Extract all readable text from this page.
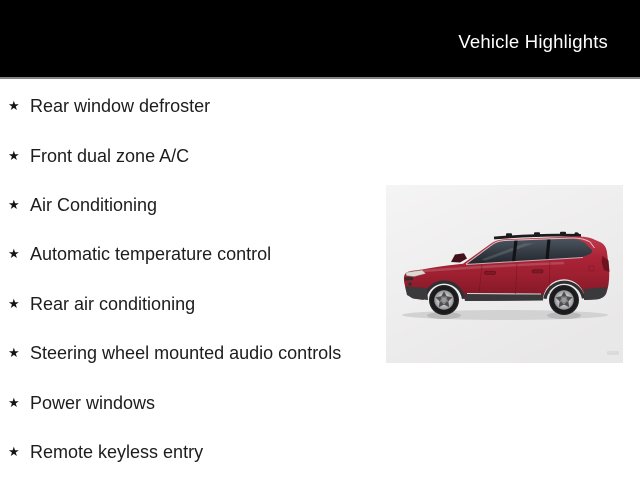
Vehicle Highlights
★ Rear window defroster
★ Front dual zone A/C
★ Air Conditioning
★ Automatic temperature control
★ Rear air conditioning
★ Steering wheel mounted audio controls
★ Power windows
★ Remote keyless entry
